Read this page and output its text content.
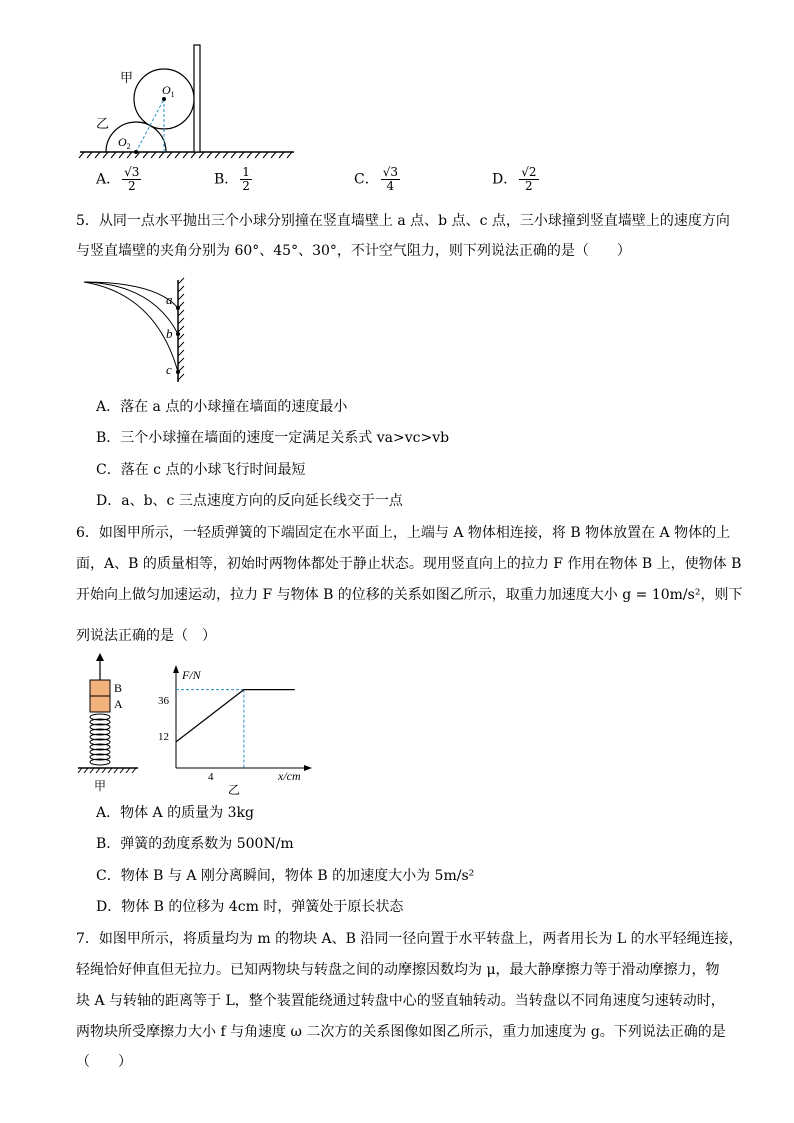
甲
乙
$O_1$
$O_2$
A． $\frac{√3}{2}$	B． $\frac{1}{2}$	C． $\frac{√3}{4}$	D． $\frac{√2}{2}$
5．从同一点水平抛出三个小球分别撞在竖直墙壁上 a 点、b 点、c 点，三小球撞到竖直墙壁上的速度方向
与竖直墙壁的夹角分别为 60°、45°、30°，不计空气阻力，则下列说法正确的是（　　）
a
b
c
A．落在 a 点的小球撞在墙面的速度最小
B．三个小球撞在墙面的速度一定满足关系式 va>vc>vb
C．落在 c 点的小球飞行时间最短
D．a、b、c 三点速度方向的反向延长线交于一点
6．如图甲所示，一轻质弹簧的下端固定在水平面上，上端与 A 物体相连接，将 B 物体放置在 A 物体的上
面，A、B 的质量相等，初始时两物体都处于静止状态。现用竖直向上的拉力 F 作用在物体 B 上，使物体 B
开始向上做匀加速运动，拉力 F 与物体 B 的位移的关系如图乙所示，取重力加速度大小 g = 10m/s²，则下
列说法正确的是（　）
B
A
甲
F/N
x/cm
36
12
4
乙
A．物体 A 的质量为 3kg
B．弹簧的劲度系数为 500N/m
C．物体 B 与 A 刚分离瞬间，物体 B 的加速度大小为 5m/s²
D．物体 B 的位移为 4cm 时，弹簧处于原长状态
7．如图甲所示，将质量均为 m 的物块 A、B 沿同一径向置于水平转盘上，两者用长为 L 的水平轻绳连接，
轻绳恰好伸直但无拉力。已知两物块与转盘之间的动摩擦因数均为 μ，最大静摩擦力等于滑动摩擦力，物
块 A 与转轴的距离等于 L，整个装置能绕通过转盘中心的竖直轴转动。当转盘以不同角速度匀速转动时，
两物块所受摩擦力大小 f 与角速度 ω 二次方的关系图像如图乙所示，重力加速度为 g。下列说法正确的是
（　　）
